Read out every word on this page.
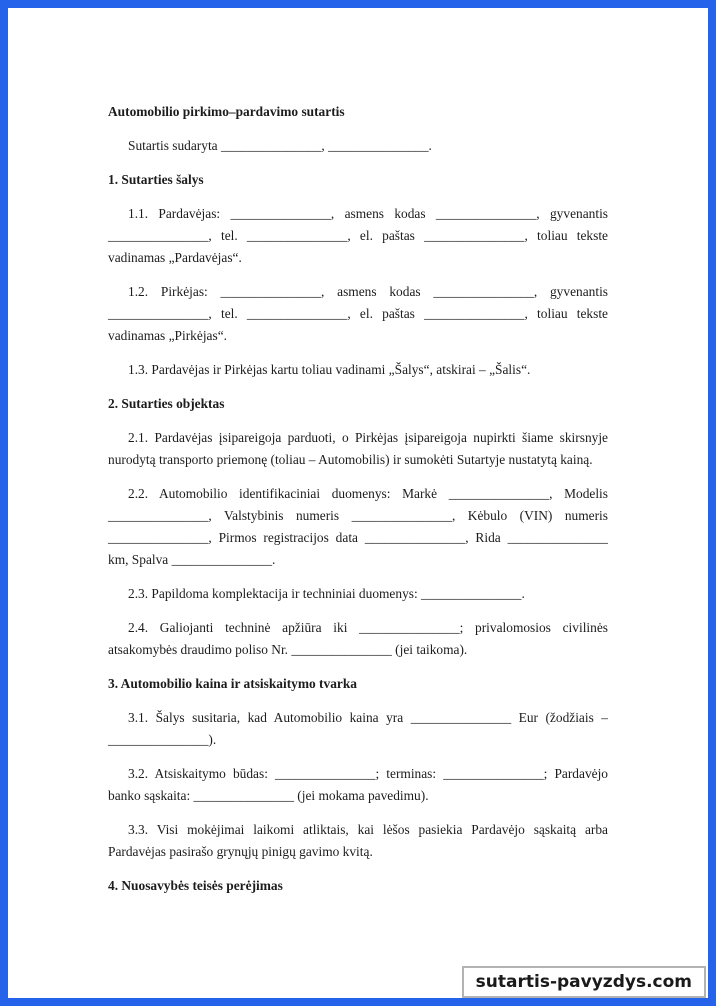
Automobilio pirkimo–pardavimo sutartis

Sutartis sudaryta _______________, _______________.

1. Sutarties šalys

1.1. Pardavėjas: _______________, asmens kodas _______________, gyvenantis _______________, tel. _______________, el. paštas _______________, toliau tekste vadinamas „Pardavėjas“.

1.2. Pirkėjas: _______________, asmens kodas _______________, gyvenantis _______________, tel. _______________, el. paštas _______________, toliau tekste vadinamas „Pirkėjas“.

1.3. Pardavėjas ir Pirkėjas kartu toliau vadinami „Šalys“, atskirai – „Šalis“.

2. Sutarties objektas

2.1. Pardavėjas įsipareigoja parduoti, o Pirkėjas įsipareigoja nupirkti šiame skirsnyje nurodytą transporto priemonę (toliau – Automobilis) ir sumokėti Sutartyje nustatytą kainą.

2.2. Automobilio identifikaciniai duomenys: Markė _______________, Modelis _______________, Valstybinis numeris _______________, Kėbulo (VIN) numeris _______________, Pirmos registracijos data _______________, Rida _______________ km, Spalva _______________.

2.3. Papildoma komplektacija ir techniniai duomenys: _______________.

2.4. Galiojanti techninė apžiūra iki _______________; privalomosios civilinės atsakomybės draudimo poliso Nr. _______________ (jei taikoma).

3. Automobilio kaina ir atsiskaitymo tvarka

3.1. Šalys susitaria, kad Automobilio kaina yra _______________ Eur (žodžiais – _______________).

3.2. Atsiskaitymo būdas: _______________; terminas: _______________; Pardavėjo banko sąskaita: _______________ (jei mokama pavedimu).

3.3. Visi mokėjimai laikomi atliktais, kai lėšos pasiekia Pardavėjo sąskaitą arba Pardavėjas pasirašo grynųjų pinigų gavimo kvitą.

4. Nuosavybės teisės perėjimas
sutartis-pavyzdys.com
